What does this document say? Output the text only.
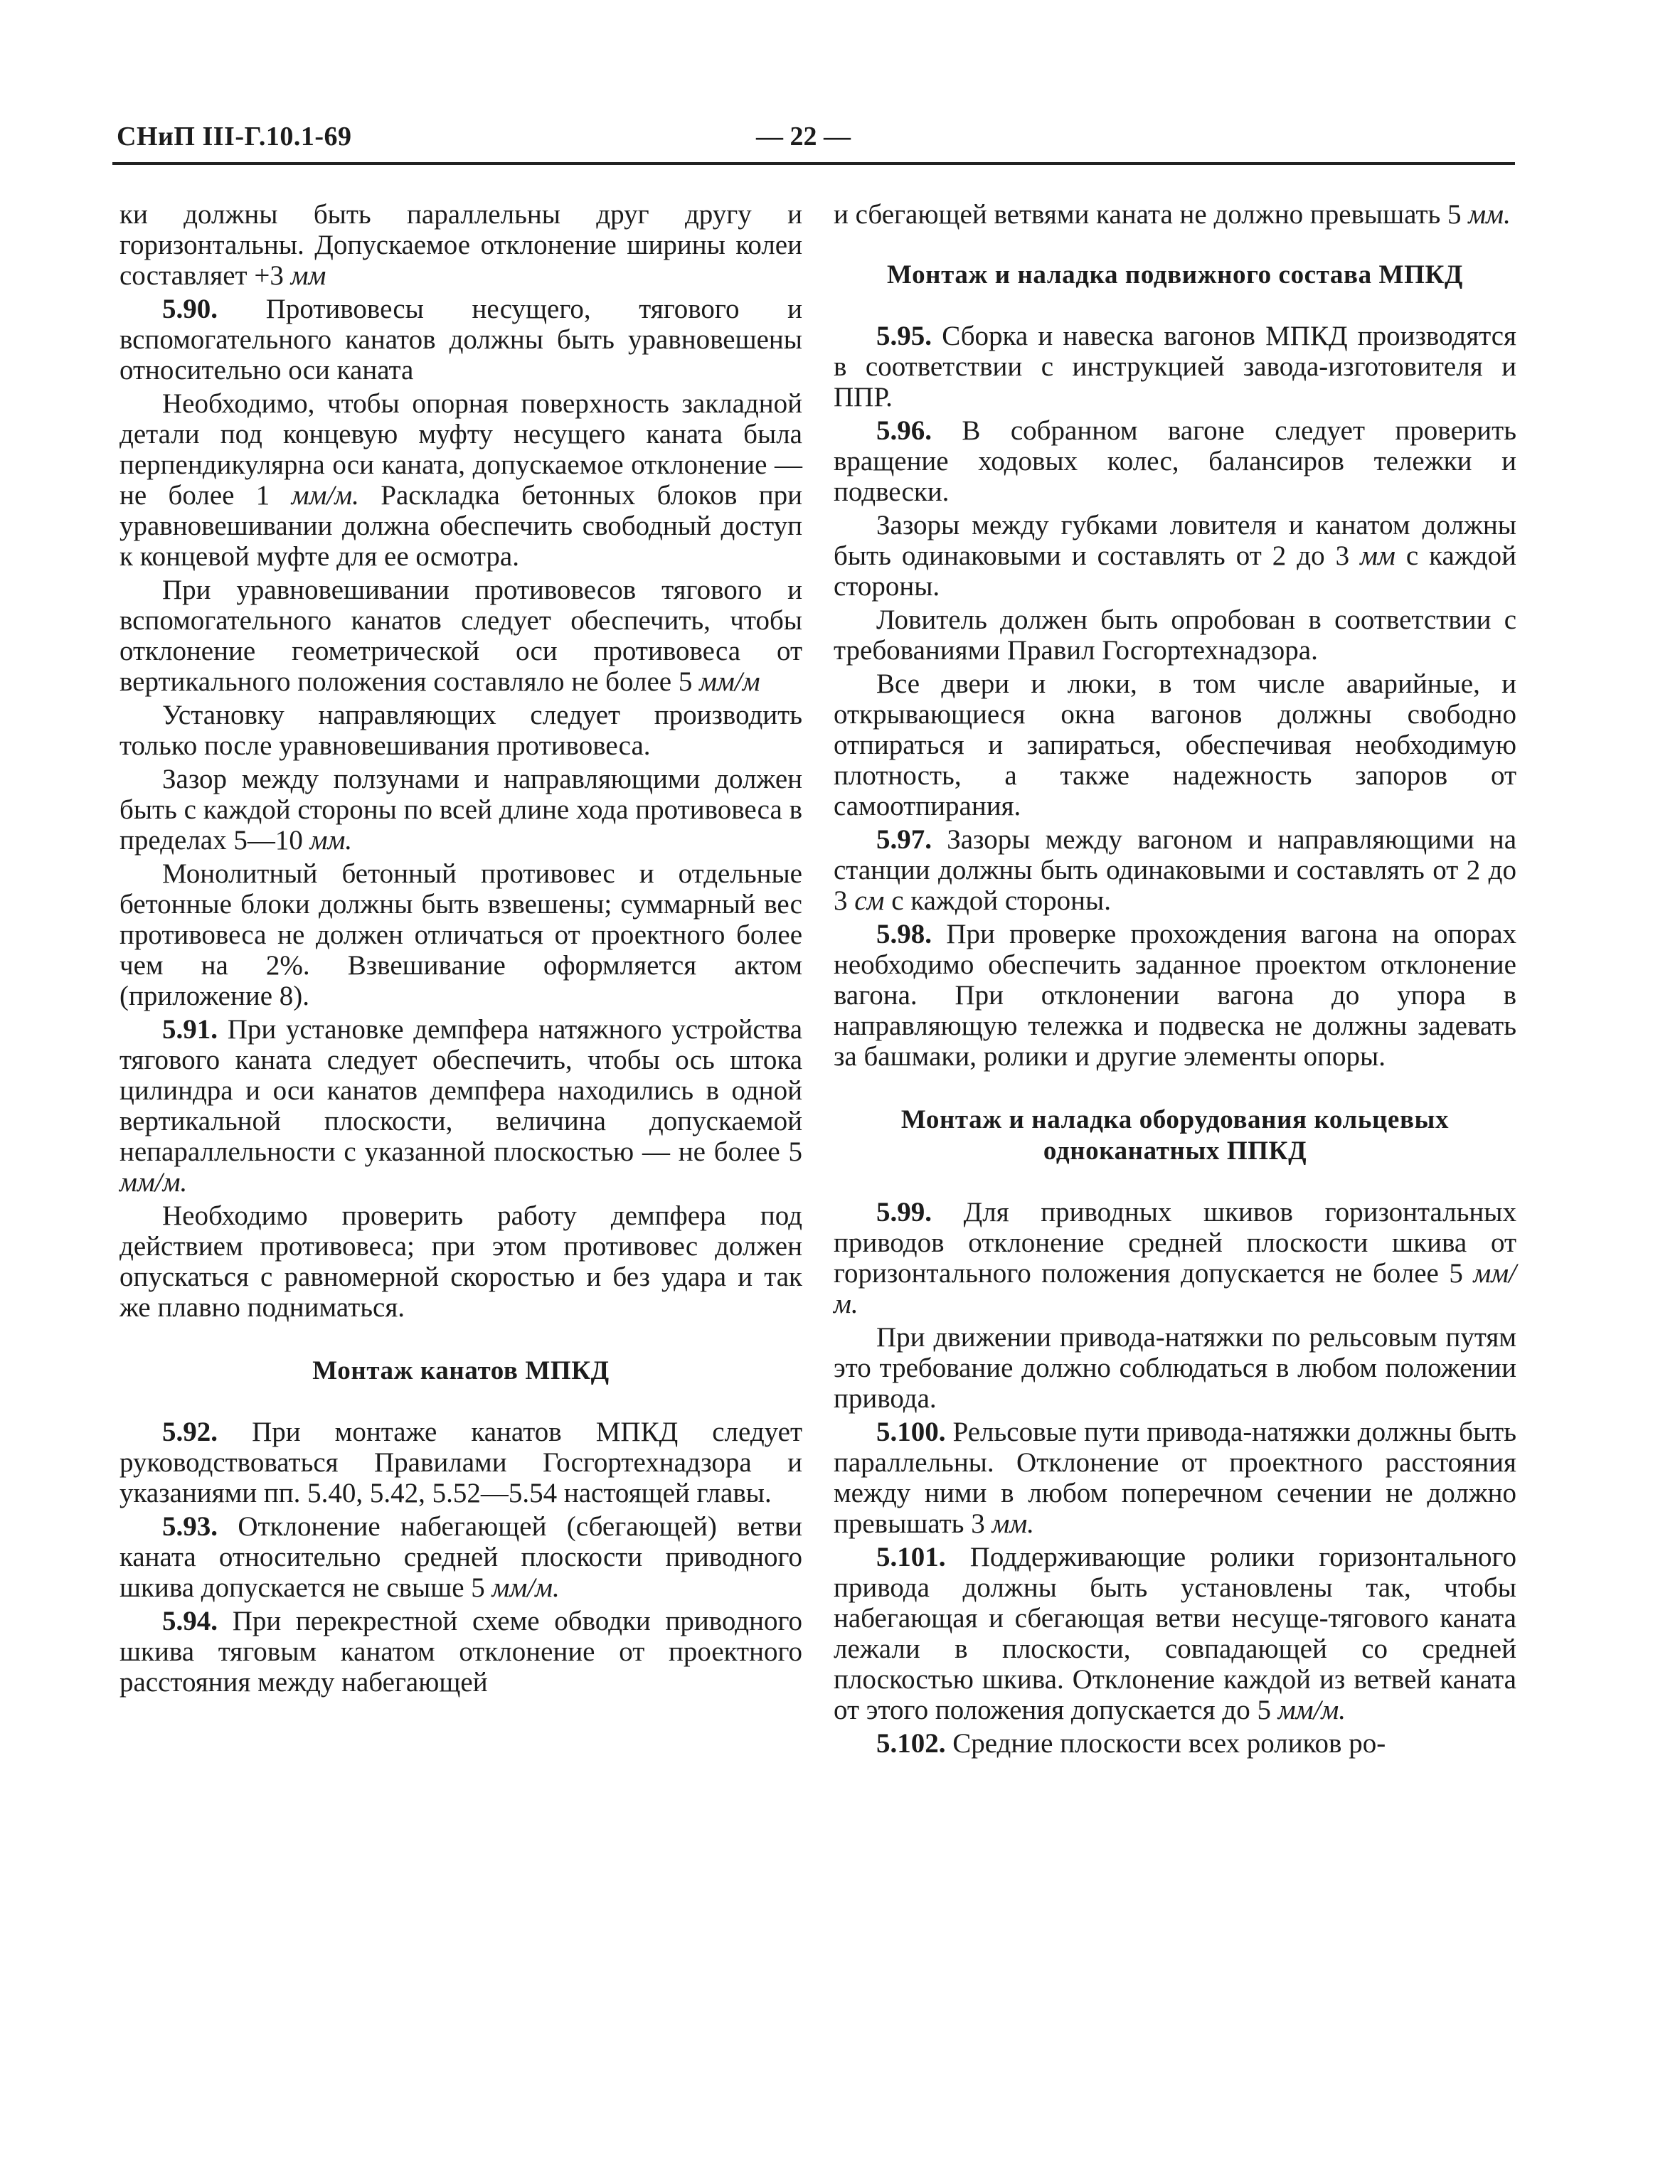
СНиП III-Г.10.1-69	— 22 —

ки должны быть параллельны друг другу и горизонтальны. Допускаемое отклонение ширины колеи составляет +3 мм

5.90. Противовесы несущего, тягового и вспомогательного канатов должны быть уравновешены относительно оси каната

Необходимо, чтобы опорная поверхность закладной детали под концевую муфту несущего каната была перпендикулярна оси каната, допускаемое отклонение — не более 1 мм/м. Раскладка бетонных блоков при уравновешивании должна обеспечить свободный доступ к концевой муфте для ее осмотра.

При уравновешивании противовесов тягового и вспомогательного канатов следует обеспечить, чтобы отклонение геометрической оси противовеса от вертикального положения составляло не более 5 мм/м

Установку направляющих следует производить только после уравновешивания противовеса.

Зазор между ползунами и направляющими должен быть с каждой стороны по всей длине хода противовеса в пределах 5—10 мм.

Монолитный бетонный противовес и отдельные бетонные блоки должны быть взвешены; суммарный вес противовеса не должен отличаться от проектного более чем на 2%. Взвешивание оформляется актом (приложение 8).

5.91. При установке демпфера натяжного устройства тягового каната следует обеспечить, чтобы ось штока цилиндра и оси канатов демпфера находились в одной вертикальной плоскости, величина допускаемой непараллельности с указанной плоскостью — не более 5 мм/м.

Необходимо проверить работу демпфера под действием противовеса; при этом противовес должен опускаться с равномерной скоростью и без удара и так же плавно подниматься.

Монтаж канатов МПКД

5.92. При монтаже канатов МПКД следует руководствоваться Правилами Госгортехнадзора и указаниями пп. 5.40, 5.42, 5.52—5.54 настоящей главы.

5.93. Отклонение набегающей (сбегающей) ветви каната относительно средней плоскости приводного шкива допускается не свыше 5 мм/м.

5.94. При перекрестной схеме обводки приводного шкива тяговым канатом отклонение от проектного расстояния между набегающей

и сбегающей ветвями каната не должно превышать 5 мм.

Монтаж и наладка подвижного состава МПКД

5.95. Сборка и навеска вагонов МПКД производятся в соответствии с инструкцией завода-изготовителя и ППР.

5.96. В собранном вагоне следует проверить вращение ходовых колес, балансиров тележки и подвески.

Зазоры между губками ловителя и канатом должны быть одинаковыми и составлять от 2 до 3 мм с каждой стороны.

Ловитель должен быть опробован в соответствии с требованиями Правил Госгортехнадзора.

Все двери и люки, в том числе аварийные, и открывающиеся окна вагонов должны свободно отпираться и запираться, обеспечивая необходимую плотность, а также надежность запоров от самоотпирания.

5.97. Зазоры между вагоном и направляющими на станции должны быть одинаковыми и составлять от 2 до 3 см с каждой стороны.

5.98. При проверке прохождения вагона на опорах необходимо обеспечить заданное проектом отклонение вагона. При отклонении вагона до упора в направляющую тележка и подвеска не должны задевать за башмаки, ролики и другие элементы опоры.

Монтаж и наладка оборудования кольцевых одноканатных ППКД

5.99. Для приводных шкивов горизонтальных приводов отклонение средней плоскости шкива от горизонтального положения допускается не более 5 мм/м.

При движении привода-натяжки по рельсовым путям это требование должно соблюдаться в любом положении привода.

5.100. Рельсовые пути привода-натяжки должны быть параллельны. Отклонение от проектного расстояния между ними в любом поперечном сечении не должно превышать 3 мм.

5.101. Поддерживающие ролики горизонтального привода должны быть установлены так, чтобы набегающая и сбегающая ветви несуще-тягового каната лежали в плоскости, совпадающей со средней плоскостью шкива. Отклонение каждой из ветвей каната от этого положения допускается до 5 мм/м.

5.102. Средние плоскости всех роликов ро-
